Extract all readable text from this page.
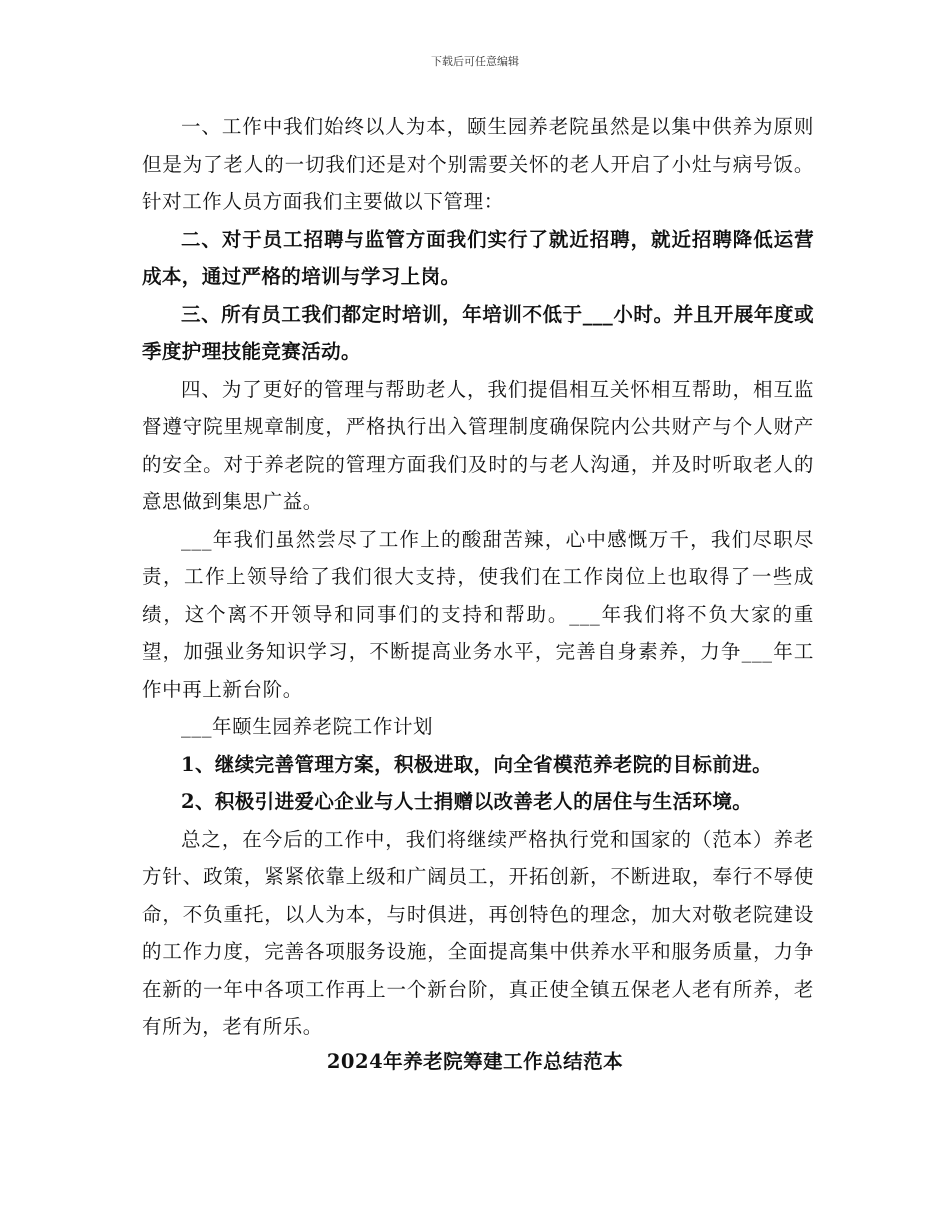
下载后可任意编辑

一、工作中我们始终以人为本，颐生园养老院虽然是以集中供养为原则但是为了老人的一切我们还是对个别需要关怀的老人开启了小灶与病号饭。针对工作人员方面我们主要做以下管理：

二、对于员工招聘与监管方面我们实行了就近招聘，就近招聘降低运营成本，通过严格的培训与学习上岗。

三、所有员工我们都定时培训，年培训不低于___小时。并且开展年度或季度护理技能竞赛活动。

四、为了更好的管理与帮助老人，我们提倡相互关怀相互帮助，相互监督遵守院里规章制度，严格执行出入管理制度确保院内公共财产与个人财产的安全。对于养老院的管理方面我们及时的与老人沟通，并及时听取老人的意思做到集思广益。

___年我们虽然尝尽了工作上的酸甜苦辣，心中感慨万千，我们尽职尽责，工作上领导给了我们很大支持，使我们在工作岗位上也取得了一些成绩，这个离不开领导和同事们的支持和帮助。___年我们将不负大家的重望，加强业务知识学习，不断提高业务水平，完善自身素养，力争___年工作中再上新台阶。

___年颐生园养老院工作计划

1、继续完善管理方案，积极进取，向全省模范养老院的目标前进。

2、积极引进爱心企业与人士捐赠以改善老人的居住与生活环境。

总之，在今后的工作中，我们将继续严格执行党和国家的（范本）养老方针、政策，紧紧依靠上级和广阔员工，开拓创新，不断进取，奉行不辱使命，不负重托，以人为本，与时俱进，再创特色的理念，加大对敬老院建设的工作力度，完善各项服务设施，全面提高集中供养水平和服务质量，力争在新的一年中各项工作再上一个新台阶，真正使全镇五保老人老有所养，老有所为，老有所乐。

2024年养老院筹建工作总结范本
